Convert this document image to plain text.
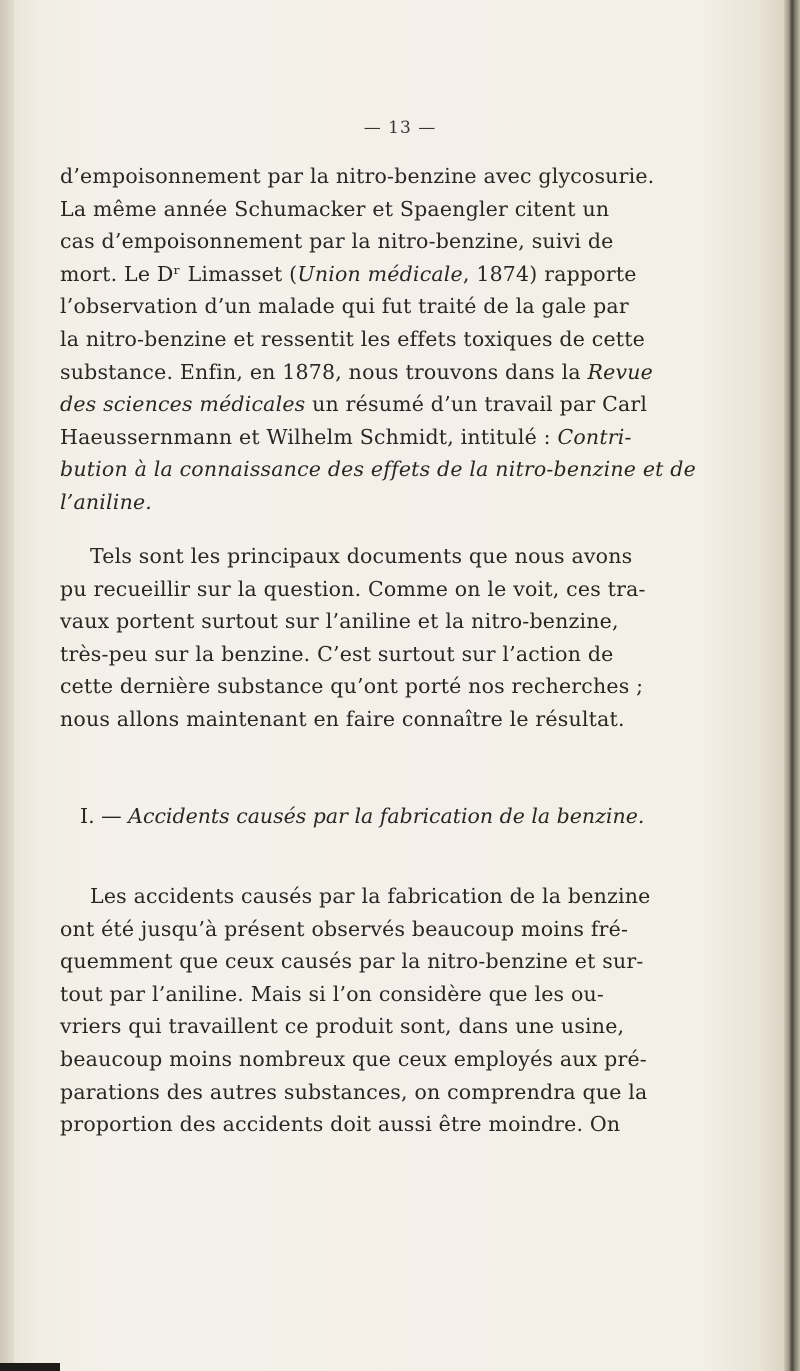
— 13 —
d’empoisonnement par la nitro-benzine avec glycosurie.
La même année Schumacker et Spaengler citent un
cas d’empoisonnement par la nitro-benzine, suivi de
mort. Le Dʳ Limasset (Union médicale, 1874) rapporte
l’observation d’un malade qui fut traité de la gale par
la nitro-benzine et ressentit les effets toxiques de cette
substance. Enfin, en 1878, nous trouvons dans la Revue
des sciences médicales un résumé d’un travail par Carl
Haeussernmann et Wilhelm Schmidt, intitulé : Contri-
bution à la connaissance des effets de la nitro-benzine et de
l’aniline.
Tels sont les principaux documents que nous avons
pu recueillir sur la question. Comme on le voit, ces tra-
vaux portent surtout sur l’aniline et la nitro-benzine,
très-peu sur la benzine. C’est surtout sur l’action de
cette dernière substance qu’ont porté nos recherches ;
nous allons maintenant en faire connaître le résultat.
I. — Accidents causés par la fabrication de la benzine.
Les accidents causés par la fabrication de la benzine
ont été jusqu’à présent observés beaucoup moins fré-
quemment que ceux causés par la nitro-benzine et sur-
tout par l’aniline. Mais si l’on considère que les ou-
vriers qui travaillent ce produit sont, dans une usine,
beaucoup moins nombreux que ceux employés aux pré-
parations des autres substances, on comprendra que la
proportion des accidents doit aussi être moindre. On
